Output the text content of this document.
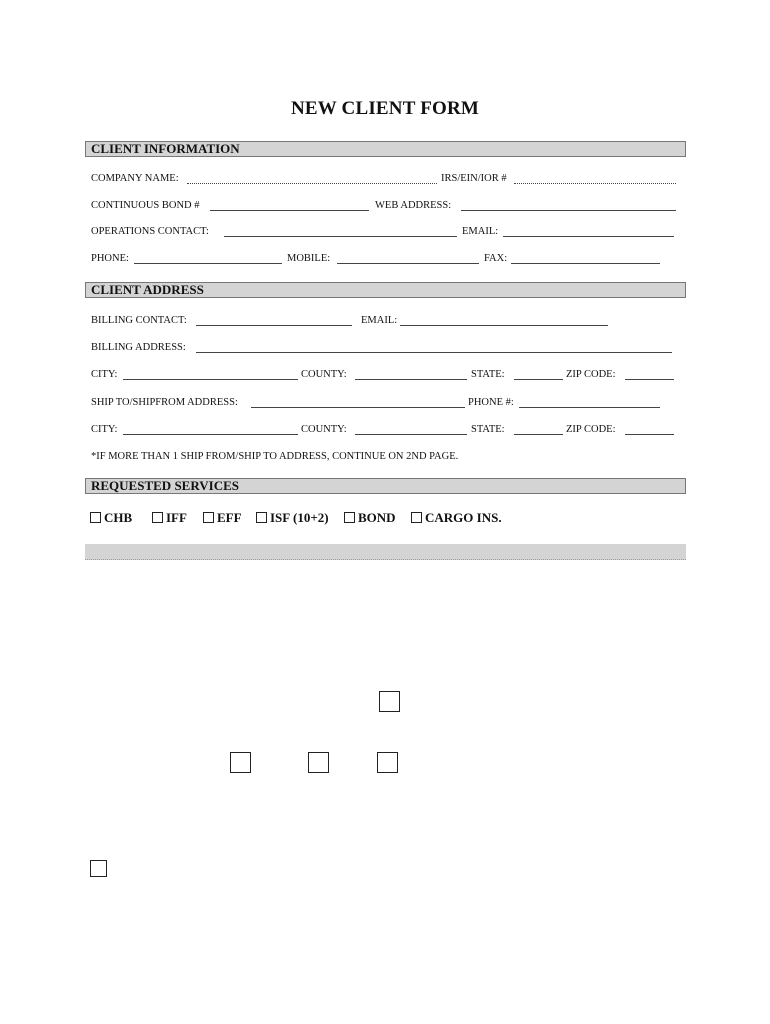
NEW CLIENT FORM
CLIENT INFORMATION
COMPANY NAME:	IRS/EIN/IOR #
CONTINUOUS BOND #	WEB ADDRESS:
OPERATIONS CONTACT:	EMAIL:
PHONE:	MOBILE:	FAX:
CLIENT ADDRESS
BILLING CONTACT:	EMAIL:
BILLING ADDRESS:
CITY:	COUNTY:	STATE:	ZIP CODE:
SHIP TO/SHIPFROM ADDRESS:	PHONE #:
CITY:	COUNTY:	STATE:	ZIP CODE:
*IF MORE THAN 1 SHIP FROM/SHIP TO ADDRESS, CONTINUE ON 2ND PAGE.
REQUESTED SERVICES
CHB	IFF	EFF	ISF (10+2)	BOND	CARGO INS.
